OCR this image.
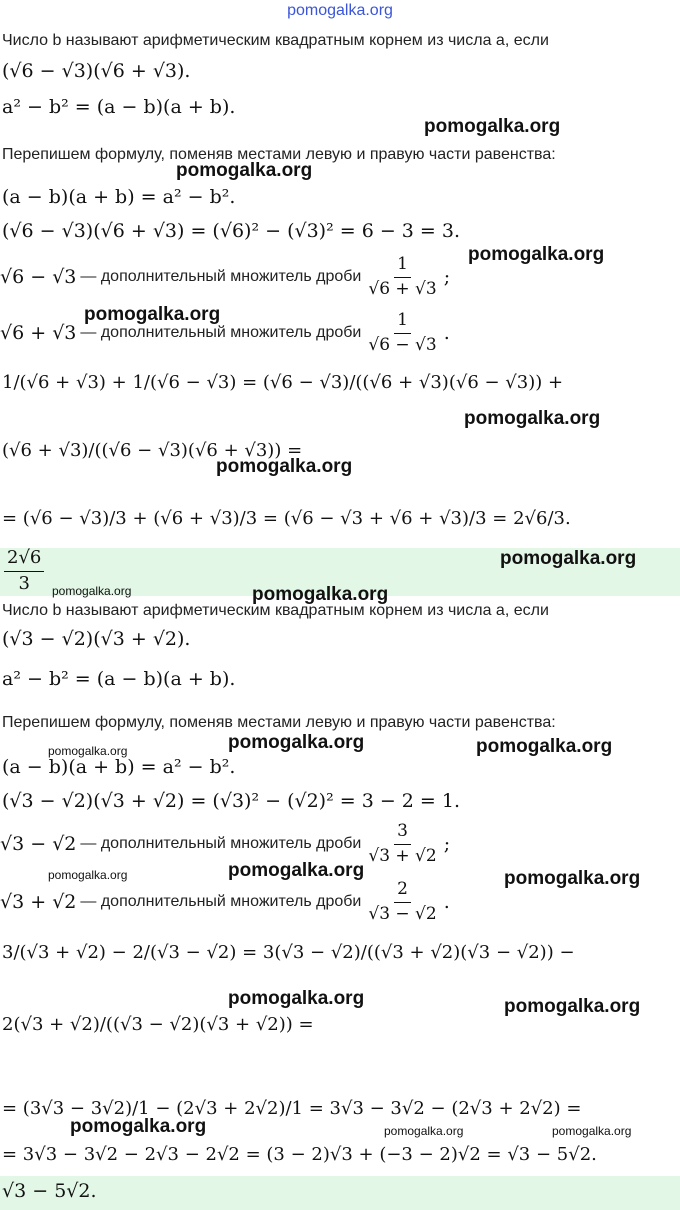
pomogalka.org
Число b называют арифметическим квадратным корнем из числа a, если
(√6 − √3)(√6 + √3).
a² − b² = (a − b)(a + b).
Перепишем формулу, поменяв местами левую и правую части равенства:
(a − b)(a + b) = a² − b².
(√6 − √3)(√6 + √3) = (√6)² − (√3)² = 6 − 3 = 3.
√6 − √3 — дополнительный множитель дроби $\frac{1}{√6 + √3}$ ;
√6 + √3 — дополнительный множитель дроби $\frac{1}{√6 - √3}$ .
1/(√6 + √3) + 1/(√6 − √3) = (√6 − √3)/((√6 + √3)(√6 − √3)) +
(√6 + √3)/((√6 − √3)(√6 + √3)) =
= (√6 − √3)/3 + (√6 + √3)/3 = (√6 − √3 + √6 + √3)/3 = 2√6/3.
$\frac{2√6}{3}$
Число b называют арифметическим квадратным корнем из числа a, если
(√3 − √2)(√3 + √2).
a² − b² = (a − b)(a + b).
Перепишем формулу, поменяв местами левую и правую части равенства:
(a − b)(a + b) = a² − b².
(√3 − √2)(√3 + √2) = (√3)² − (√2)² = 3 − 2 = 1.
√3 − √2 — дополнительный множитель дроби $\frac{3}{√3 + √2}$ ;
√3 + √2 — дополнительный множитель дроби $\frac{2}{√3 - √2}$ .
3/(√3 + √2) − 2/(√3 − √2) = 3(√3 − √2)/((√3 + √2)(√3 − √2)) −
2(√3 + √2)/((√3 − √2)(√3 + √2)) =
= (3√3 − 3√2)/1 − (2√3 + 2√2)/1 = 3√3 − 3√2 − (2√3 + 2√2) =
= 3√3 − 3√2 − 2√3 − 2√2 = (3 − 2)√3 + (−3 − 2)√2 = √3 − 5√2.
√3 − 5√2.
pomogalka.org
pomogalka.org
pomogalka.org
pomogalka.org
pomogalka.org
pomogalka.org
pomogalka.org
pomogalka.org	pomogalka.org
pomogalka.org	pomogalka.org	pomogalka.org
pomogalka.org	pomogalka.org	pomogalka.org
pomogalka.org	pomogalka.org
pomogalka.org	pomogalka.org	pomogalka.org
